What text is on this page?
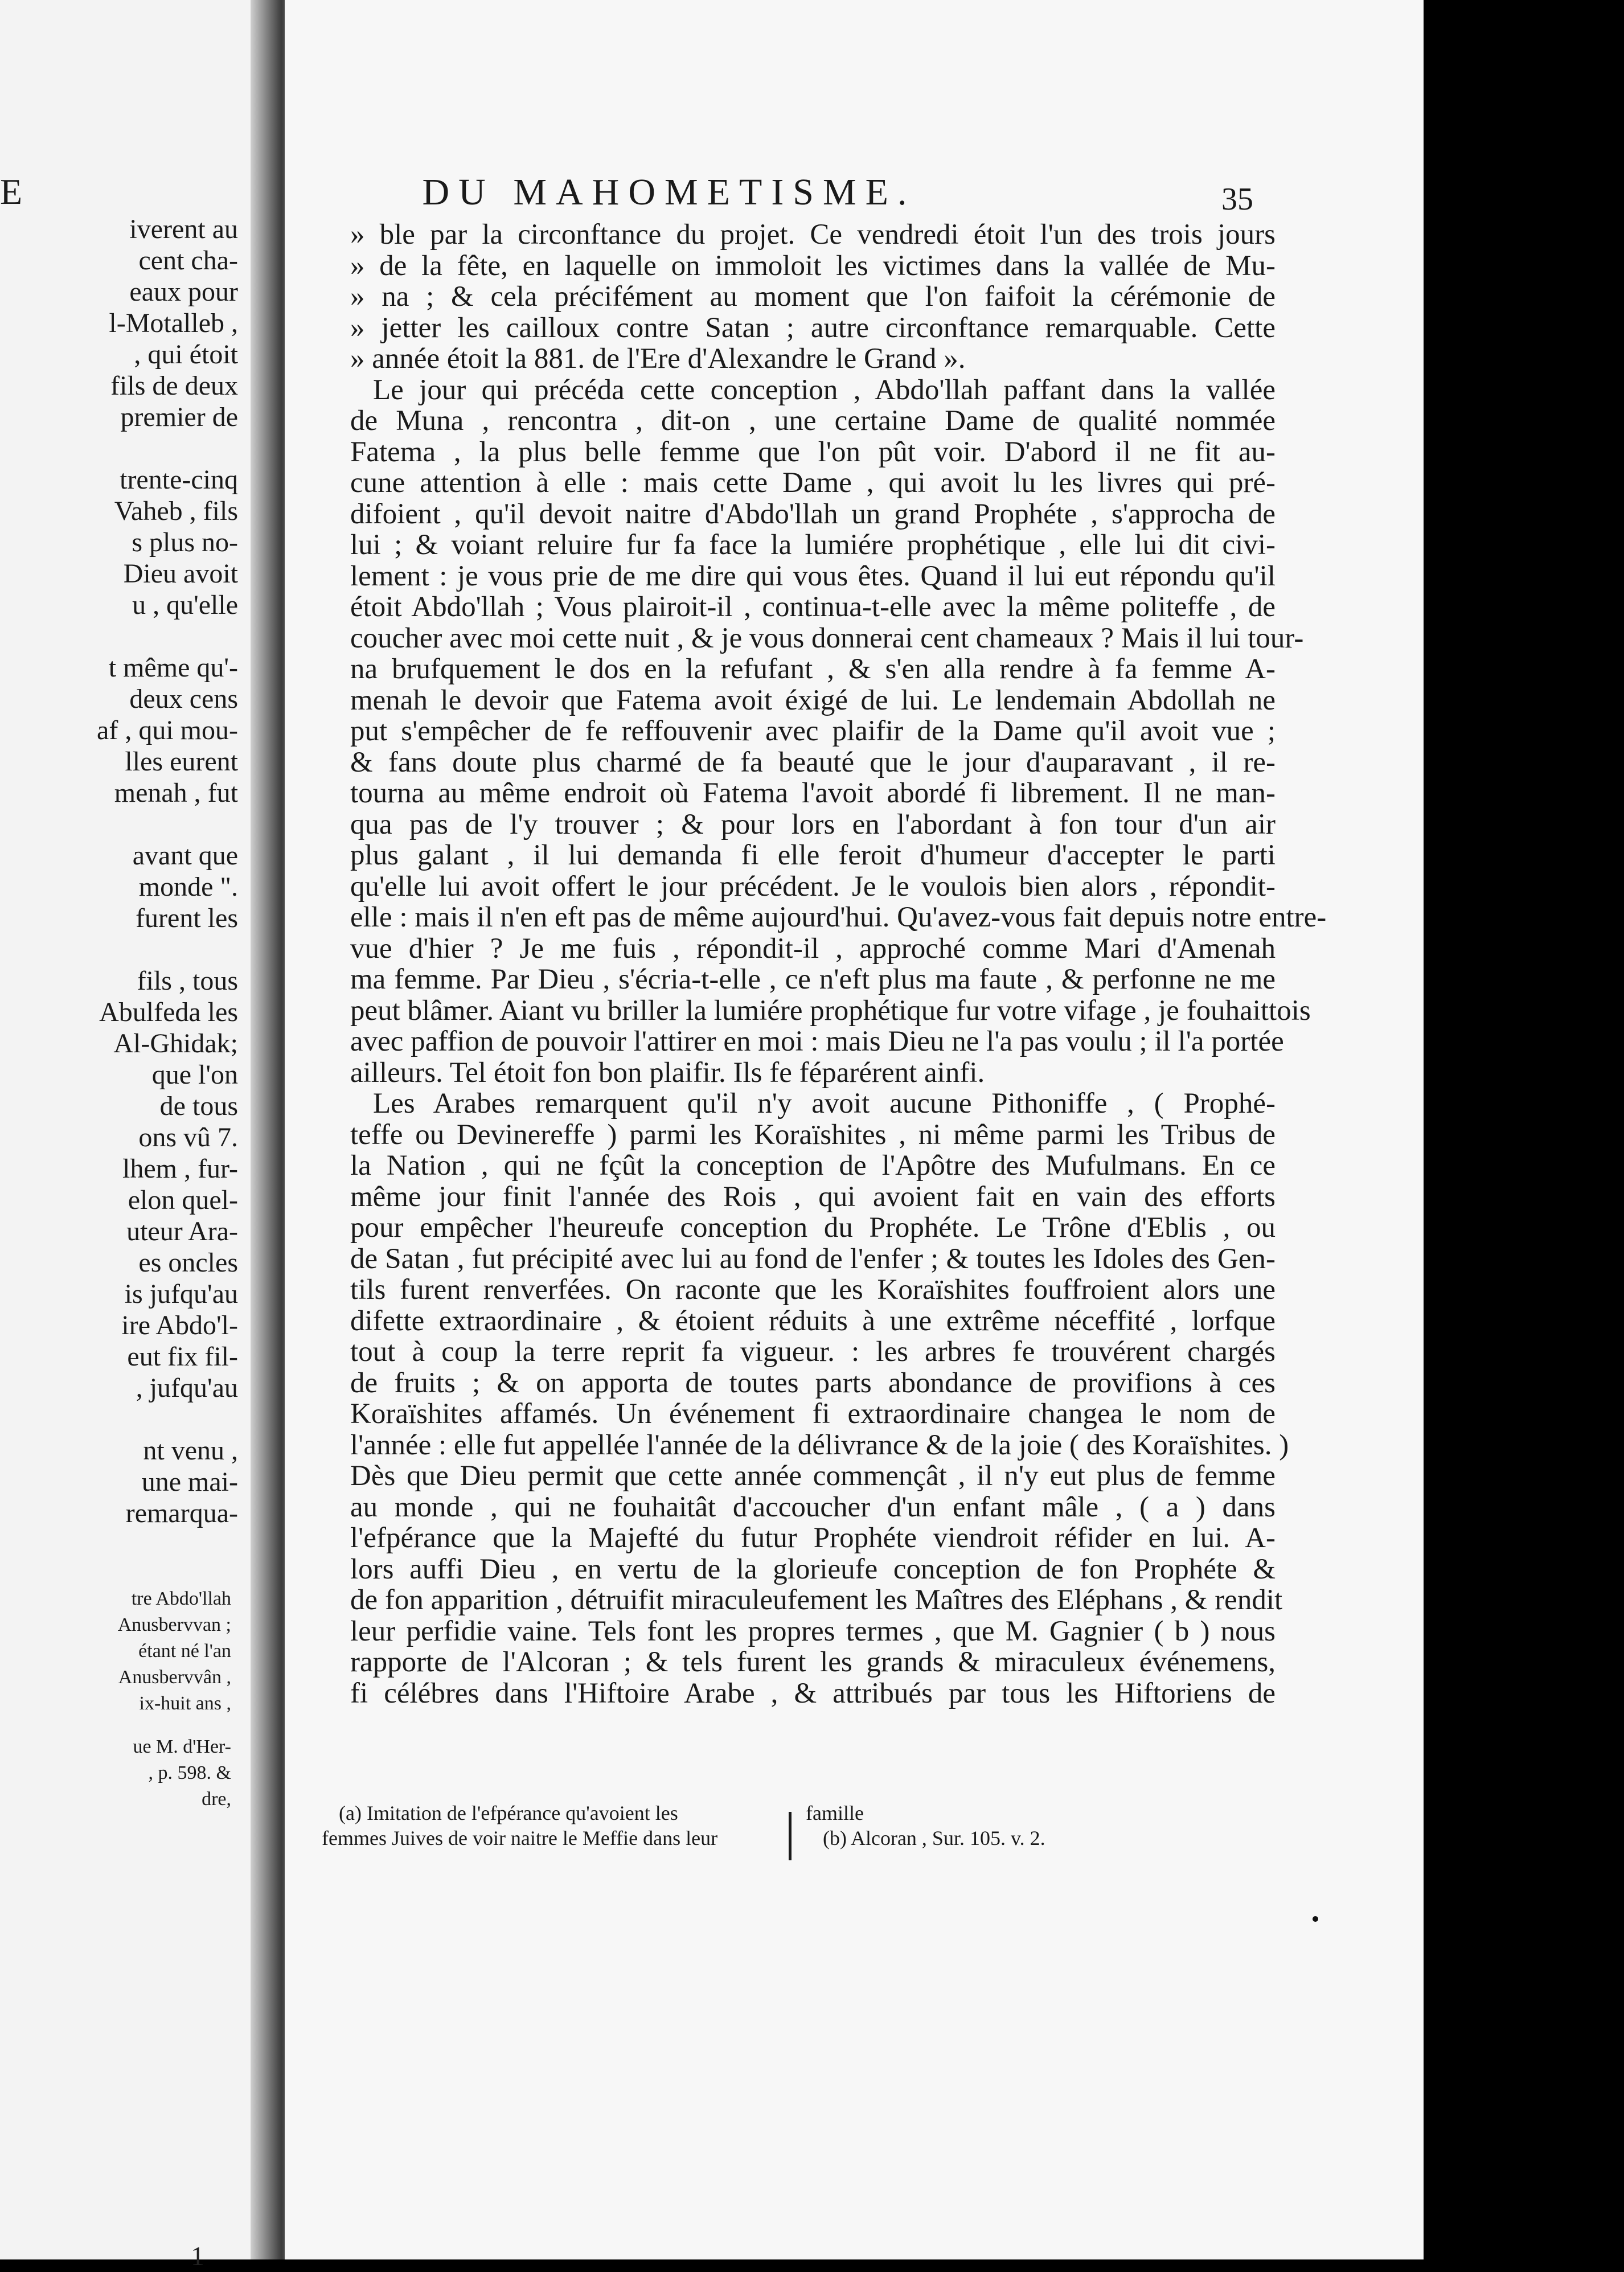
E
iverent au
cent cha-
eaux pour
l-Motalleb ,
, qui étoit
fils de deux
premier de
trente-cinq
Vaheb , fils
s plus no-
Dieu avoit
u , qu'elle
t même qu'-
deux cens
af , qui mou-
lles eurent
menah , fut
avant que
monde ".
furent les
fils , tous
Abulfeda les
Al-Ghidak;
que l'on
de tous
ons vû 7.
lhem , fur-
elon quel-
uteur Ara-
es oncles
is jufqu'au
ire Abdo'l-
eut fix fil-
, jufqu'au
nt venu ,
une mai-
remarqua-
tre Abdo'llah
Anusbervvan ;
étant né l'an
Anusbervvân ,
ix-huit ans ,
ue M. d'Her-
, p. 598. &
dre,
DU MAHOMETISME.	35
» ble par la circonftance du projet. Ce vendredi étoit l'un des trois jours
» de la fête, en laquelle on immoloit les victimes dans la vallée de Mu-
» na ; & cela précifément au moment que l'on faifoit la cérémonie de
» jetter les cailloux contre Satan ; autre circonftance remarquable. Cette
» année étoit la 881. de l'Ere d'Alexandre le Grand ».
Le jour qui précéda cette conception , Abdo'llah paffant dans la vallée
de Muna , rencontra , dit-on , une certaine Dame de qualité nommée
Fatema , la plus belle femme que l'on pût voir. D'abord il ne fit au-
cune attention à elle : mais cette Dame , qui avoit lu les livres qui pré-
difoient , qu'il devoit naitre d'Abdo'llah un grand Prophéte , s'approcha de
lui ; & voiant reluire fur fa face la lumiére prophétique , elle lui dit civi-
lement : je vous prie de me dire qui vous êtes. Quand il lui eut répondu qu'il
étoit Abdo'llah ; Vous plairoit-il , continua-t-elle avec la même politeffe , de
coucher avec moi cette nuit , & je vous donnerai cent chameaux ? Mais il lui tour-
na brufquement le dos en la refufant , & s'en alla rendre à fa femme A-
menah le devoir que Fatema avoit éxigé de lui. Le lendemain Abdollah ne
put s'empêcher de fe reffouvenir avec plaifir de la Dame qu'il avoit vue ;
& fans doute plus charmé de fa beauté que le jour d'auparavant , il re-
tourna au même endroit où Fatema l'avoit abordé fi librement. Il ne man-
qua pas de l'y trouver ; & pour lors en l'abordant à fon tour d'un air
plus galant , il lui demanda fi elle feroit d'humeur d'accepter le parti
qu'elle lui avoit offert le jour précédent. Je le voulois bien alors , répondit-
elle : mais il n'en eft pas de même aujourd'hui. Qu'avez-vous fait depuis notre entre-
vue d'hier ? Je me fuis , répondit-il , approché comme Mari d'Amenah
ma femme. Par Dieu , s'écria-t-elle , ce n'eft plus ma faute , & perfonne ne me
peut blâmer. Aiant vu briller la lumiére prophétique fur votre vifage , je fouhaittois
avec paffion de pouvoir l'attirer en moi : mais Dieu ne l'a pas voulu ; il l'a portée
ailleurs. Tel étoit fon bon plaifir. Ils fe féparérent ainfi.
Les Arabes remarquent qu'il n'y avoit aucune Pithoniffe , ( Prophé-
teffe ou Devinereffe ) parmi les Koraïshites , ni même parmi les Tribus de
la Nation , qui ne fçût la conception de l'Apôtre des Mufulmans. En ce
même jour finit l'année des Rois , qui avoient fait en vain des efforts
pour empêcher l'heureufe conception du Prophéte. Le Trône d'Eblis , ou
de Satan , fut précipité avec lui au fond de l'enfer ; & toutes les Idoles des Gen-
tils furent renverfées. On raconte que les Koraïshites fouffroient alors une
difette extraordinaire , & étoient réduits à une extrême néceffité , lorfque
tout à coup la terre reprit fa vigueur. : les arbres fe trouvérent chargés
de fruits ; & on apporta de toutes parts abondance de provifions à ces
Koraïshites affamés. Un événement fi extraordinaire changea le nom de
l'année : elle fut appellée l'année de la délivrance & de la joie ( des Koraïshites. )
Dès que Dieu permit que cette année commençât , il n'y eut plus de femme
au monde , qui ne fouhaitât d'accoucher d'un enfant mâle , ( a ) dans
l'efpérance que la Majefté du futur Prophéte viendroit réfider en lui. A-
lors auffi Dieu , en vertu de la glorieufe conception de fon Prophéte &
de fon apparition , détruifit miraculeufement les Maîtres des Eléphans , & rendit
leur perfidie vaine. Tels font les propres termes , que M. Gagnier ( b ) nous
rapporte de l'Alcoran ; & tels furent les grands & miraculeux événemens,
fi célébres dans l'Hiftoire Arabe , & attribués par tous les Hiftoriens de
(a) Imitation de l'efpérance qu'avoient les
femmes Juives de voir naitre le Meffie dans leur
famille
(b) Alcoran , Sur. 105. v. 2.
1
